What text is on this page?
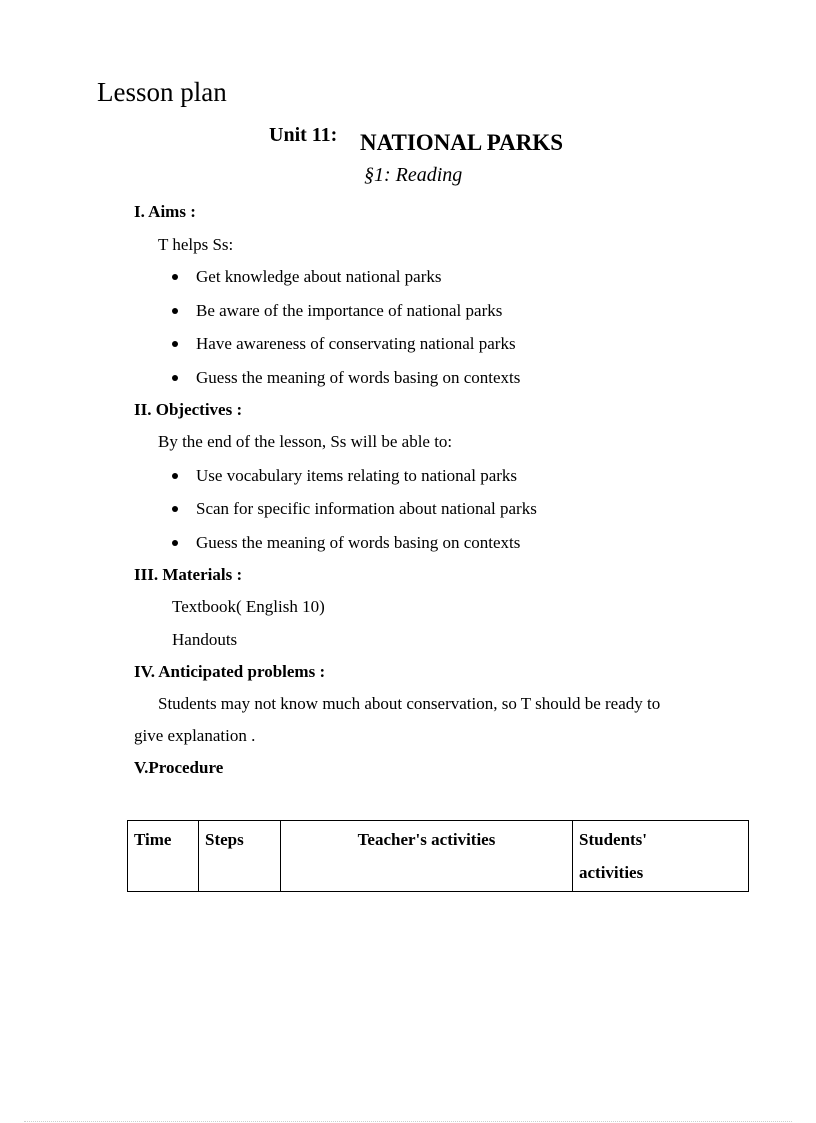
Lesson plan
Unit 11: NATIONAL PARKS
§1: Reading
I. Aims :
T helps Ss:
Get knowledge about national parks
Be aware of the importance of national parks
Have awareness of conservating national parks
Guess the meaning of words basing on contexts
II. Objectives :
By the end of the lesson, Ss will be able to:
Use vocabulary items relating to national parks
Scan for specific information about national parks
Guess the meaning of words basing on contexts
III. Materials :
Textbook( English 10)
Handouts
IV. Anticipated problems :
Students may not know much about conservation, so T should be ready to
give explanation .
V.Procedure
Time	Steps	Teacher's activities	Students'
activities
